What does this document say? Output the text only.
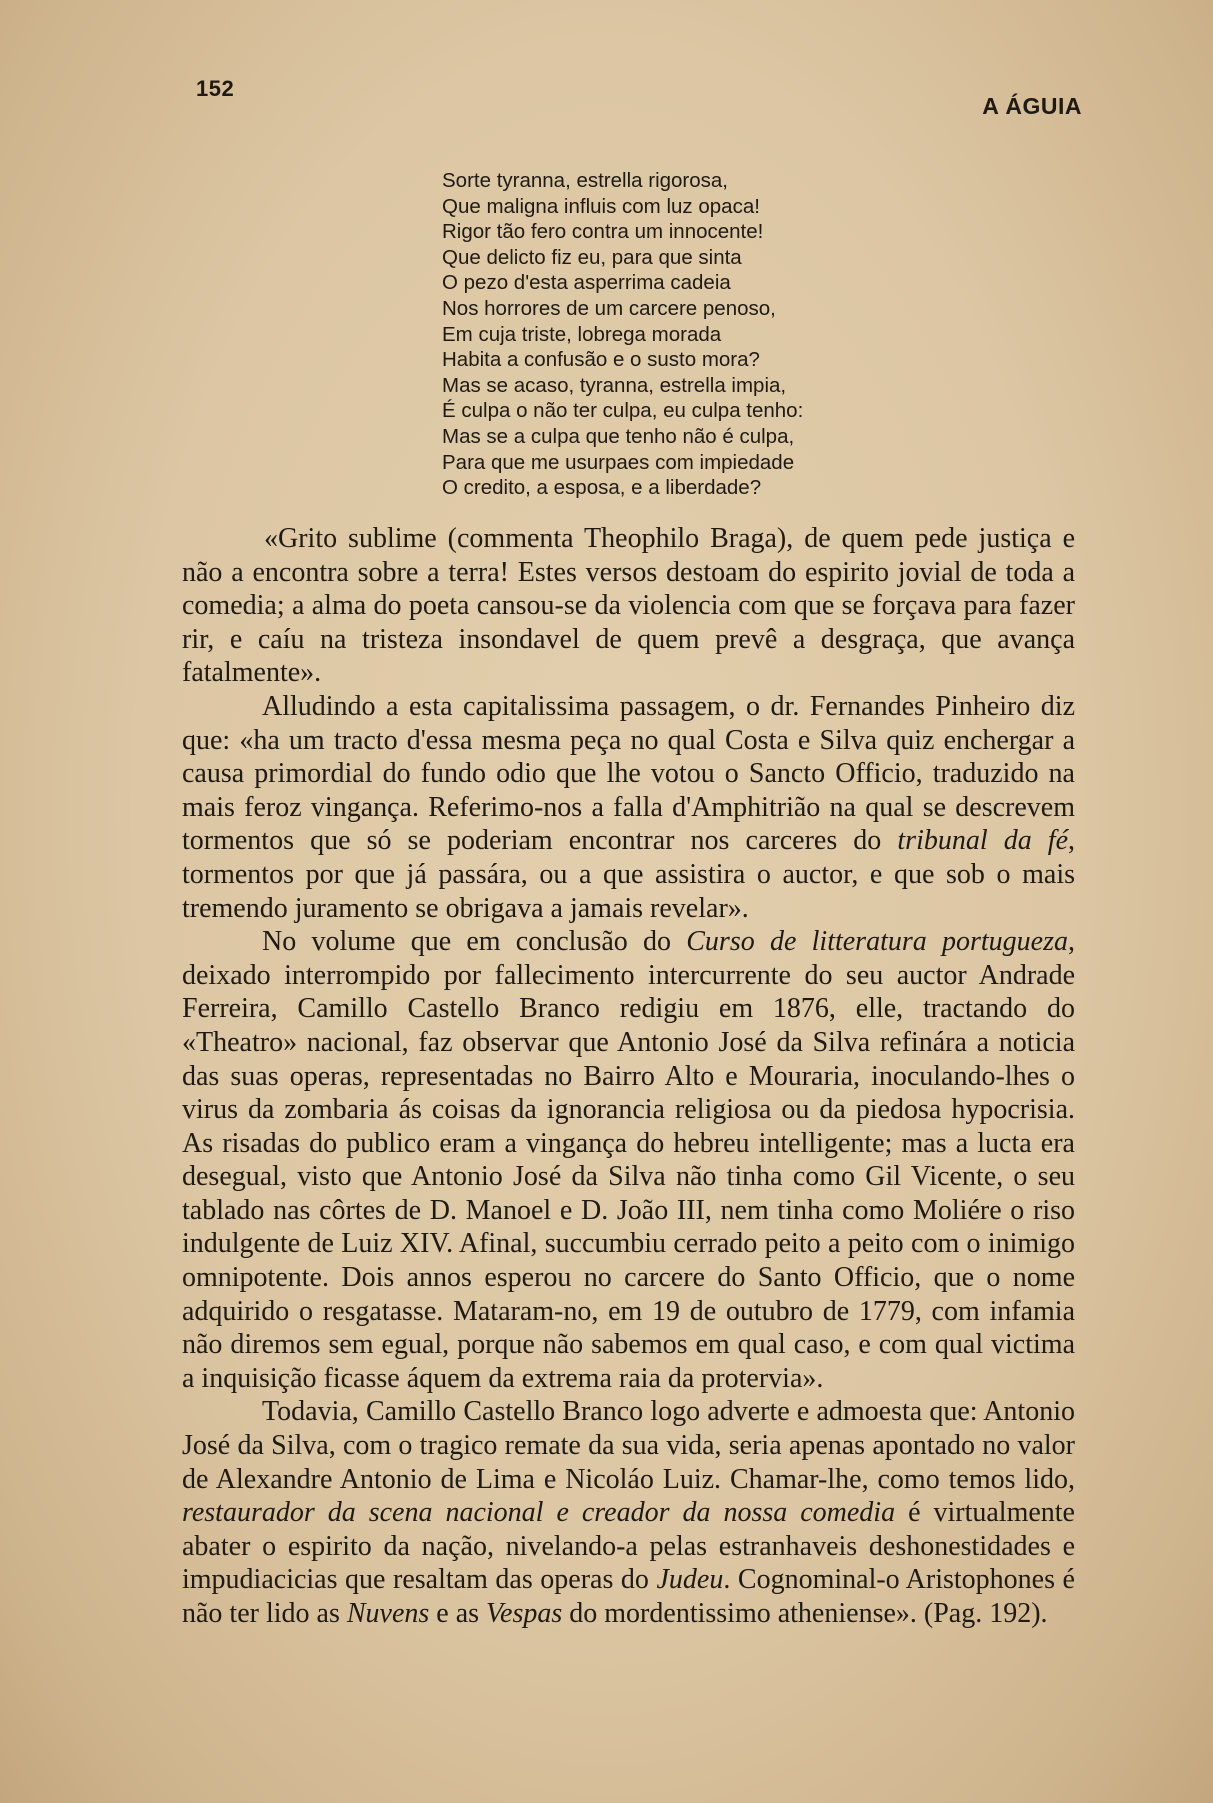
152
A ÁGUIA
Sorte tyranna, estrella rigorosa,
Que maligna influis com luz opaca!
Rigor tão fero contra um innocente!
Que delicto fiz eu, para que sinta
O pezo d'esta asperrima cadeia
Nos horrores de um carcere penoso,
Em cuja triste, lobrega morada
Habita a confusão e o susto mora?
Mas se acaso, tyranna, estrella impia,
É culpa o não ter culpa, eu culpa tenho:
Mas se a culpa que tenho não é culpa,
Para que me usurpaes com impiedade
O credito, a esposa, e a liberdade?

«Grito sublime (commenta Theophilo Braga), de quem pede justiça e não a encontra sobre a terra! Estes versos destoam do espirito jovial de toda a comedia; a alma do poeta cansou-se da violencia com que se forçava para fazer rir, e caíu na tristeza insondavel de quem prevê a desgraça, que avança fatalmente».

Alludindo a esta capitalissima passagem, o dr. Fernandes Pinheiro diz que: «ha um tracto d'essa mesma peça no qual Costa e Silva quiz enchergar a causa primordial do fundo odio que lhe votou o Sancto Officio, traduzido na mais feroz vingança. Referimo-nos a falla d'Amphitrião na qual se descrevem tormentos que só se poderiam encontrar nos carceres do tribunal da fé, tormentos por que já passára, ou a que assistira o auctor, e que sob o mais tremendo juramento se obrigava a jamais revelar».

No volume que em conclusão do Curso de litteratura portugueza, deixado interrompido por fallecimento intercurrente do seu auctor Andrade Ferreira, Camillo Castello Branco redigiu em 1876, elle, tractando do «Theatro» nacional, faz observar que Antonio José da Silva refinára a noticia das suas operas, representadas no Bairro Alto e Mouraria, inoculando-lhes o virus da zombaria ás coisas da ignorancia religiosa ou da piedosa hypocrisia. As risadas do publico eram a vingança do hebreu intelligente; mas a lucta era desegual, visto que Antonio José da Silva não tinha como Gil Vicente, o seu tablado nas côrtes de D. Manoel e D. João III, nem tinha como Moliére o riso indulgente de Luiz XIV. Afinal, succumbiu cerrado peito a peito com o inimigo omnipotente. Dois annos esperou no carcere do Santo Officio, que o nome adquirido o resgatasse. Mataram-no, em 19 de outubro de 1779, com infamia não diremos sem egual, porque não sabemos em qual caso, e com qual victima a inquisição ficasse áquem da extrema raia da protervia».

Todavia, Camillo Castello Branco logo adverte e admoesta que: Antonio José da Silva, com o tragico remate da sua vida, seria apenas apontado no valor de Alexandre Antonio de Lima e Nicoláo Luiz. Chamar-lhe, como temos lido, restaurador da scena nacional e creador da nossa comedia é virtualmente abater o espirito da nação, nivelando-a pelas estranhaveis deshonestidades e impudiacicias que resaltam das operas do Judeu. Cognominal-o Aristophones é não ter lido as Nuvens e as Vespas do mordentissimo atheniense». (Pag. 192).
